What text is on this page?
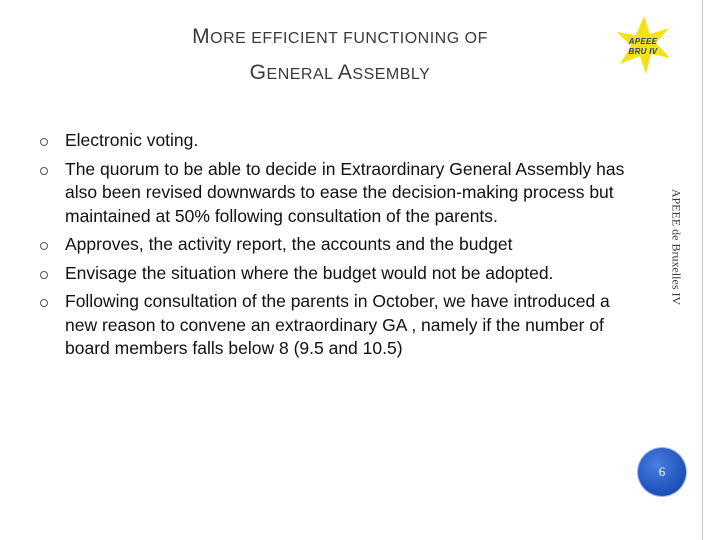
MORE EFFICIENT FUNCTIONING OF
GENERAL ASSEMBLY
APEEE
BRU IV
APEEE de Bruxelles IV
Electronic voting.
The quorum to be able to decide in Extraordinary General Assembly has also been revised downwards to ease the decision-making process but maintained at 50% following consultation of the parents.
Approves, the activity report, the accounts and the budget
Envisage the situation where the budget would not be adopted.
Following consultation of the parents in October, we have introduced a new reason to convene an extraordinary GA , namely if the number of board members falls below 8 (9.5 and 10.5)
6
